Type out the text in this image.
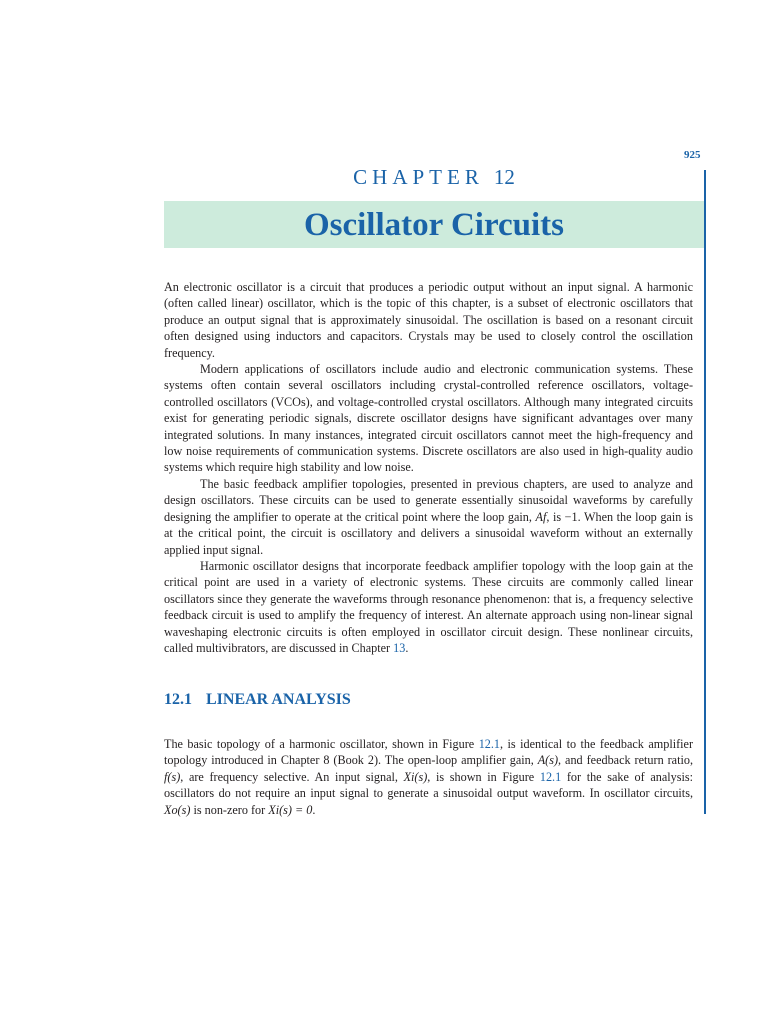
925
CHAPTER 12
Oscillator Circuits

An electronic oscillator is a circuit that produces a periodic output without an input signal. A harmonic (often called linear) oscillator, which is the topic of this chapter, is a subset of electronic oscillators that produce an output signal that is approximately sinusoidal. The oscillation is based on a resonant circuit often designed using inductors and capacitors. Crystals may be used to closely control the oscillation frequency.

Modern applications of oscillators include audio and electronic communication systems. These systems often contain several oscillators including crystal-controlled reference oscillators, voltage-controlled oscillators (VCOs), and voltage-controlled crystal oscillators. Although many integrated circuits exist for generating periodic signals, discrete oscillator designs have significant advantages over many integrated solutions. In many instances, integrated circuit oscillators cannot meet the high-frequency and low noise requirements of communication systems. Discrete oscillators are also used in high-quality audio systems which require high stability and low noise.

The basic feedback amplifier topologies, presented in previous chapters, are used to analyze and design oscillators. These circuits can be used to generate essentially sinusoidal waveforms by carefully designing the amplifier to operate at the critical point where the loop gain, Af, is −1. When the loop gain is at the critical point, the circuit is oscillatory and delivers a sinusoidal waveform without an externally applied input signal.

Harmonic oscillator designs that incorporate feedback amplifier topology with the loop gain at the critical point are used in a variety of electronic systems. These circuits are commonly called linear oscillators since they generate the waveforms through resonance phenomenon: that is, a frequency selective feedback circuit is used to amplify the frequency of interest. An alternate approach using non-linear signal waveshaping electronic circuits is often employed in oscillator circuit design. These nonlinear circuits, called multivibrators, are discussed in Chapter 13.

12.1 LINEAR ANALYSIS

The basic topology of a harmonic oscillator, shown in Figure 12.1, is identical to the feedback amplifier topology introduced in Chapter 8 (Book 2). The open-loop amplifier gain, A(s), and feedback return ratio, f(s), are frequency selective. An input signal, Xi(s), is shown in Figure 12.1 for the sake of analysis: oscillators do not require an input signal to generate a sinusoidal output waveform. In oscillator circuits, Xo(s) is non-zero for Xi(s) = 0.
